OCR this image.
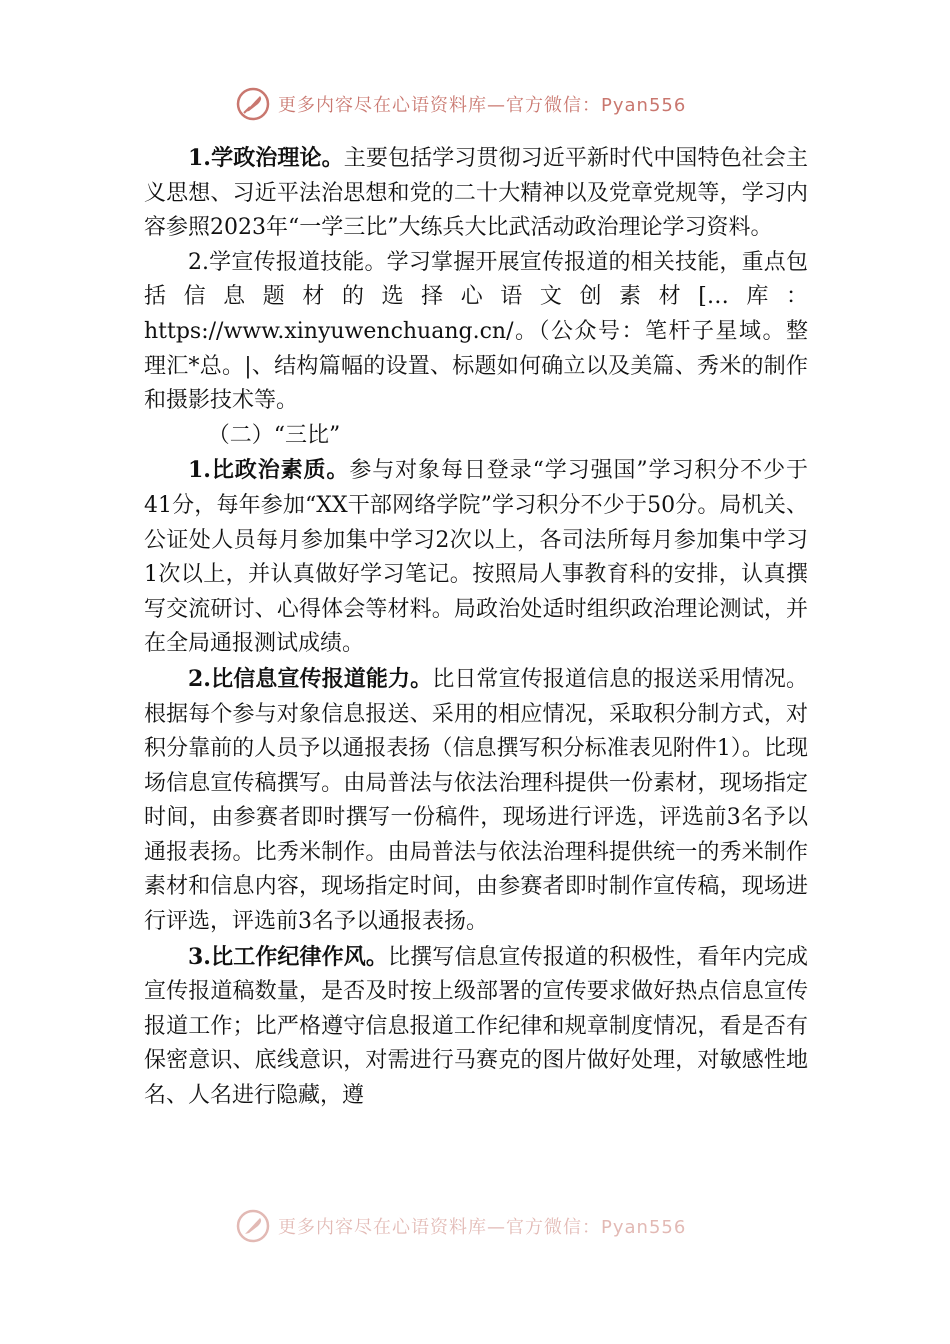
更多内容尽在心语资料库—官方微信：Pyan556

1.学政治理论。主要包括学习贯彻习近平新时代中国特色社会主义思想、习近平法治思想和党的二十大精神以及党章党规等，学习内容参照2023年“一学三比”大练兵大比武活动政治理论学习资料。

2.学宣传报道技能。学习掌握开展宣传报道的相关技能，重点包括信息题材的选择心语文创素材[…库：https://www.xinyuwenchuang.cn/。（公众号：笔杆子星域。整理汇*总。|、结构篇幅的设置、标题如何确立以及美篇、秀米的制作和摄影技术等。

（二）“三比”

1.比政治素质。参与对象每日登录“学习强国”学习积分不少于41分，每年参加“XX干部网络学院”学习积分不少于50分。局机关、公证处人员每月参加集中学习2次以上，各司法所每月参加集中学习1次以上，并认真做好学习笔记。按照局人事教育科的安排，认真撰写交流研讨、心得体会等材料。局政治处适时组织政治理论测试，并在全局通报测试成绩。

2.比信息宣传报道能力。比日常宣传报道信息的报送采用情况。根据每个参与对象信息报送、采用的相应情况，采取积分制方式，对积分靠前的人员予以通报表扬（信息撰写积分标准表见附件1）。比现场信息宣传稿撰写。由局普法与依法治理科提供一份素材，现场指定时间，由参赛者即时撰写一份稿件，现场进行评选，评选前3名予以通报表扬。比秀米制作。由局普法与依法治理科提供统一的秀米制作素材和信息内容，现场指定时间，由参赛者即时制作宣传稿，现场进行评选，评选前3名予以通报表扬。

3.比工作纪律作风。比撰写信息宣传报道的积极性，看年内完成宣传报道稿数量，是否及时按上级部署的宣传要求做好热点信息宣传报道工作；比严格遵守信息报道工作纪律和规章制度情况，看是否有保密意识、底线意识，对需进行马赛克的图片做好处理，对敏感性地名、人名进行隐藏，遵

更多内容尽在心语资料库—官方微信：Pyan556
